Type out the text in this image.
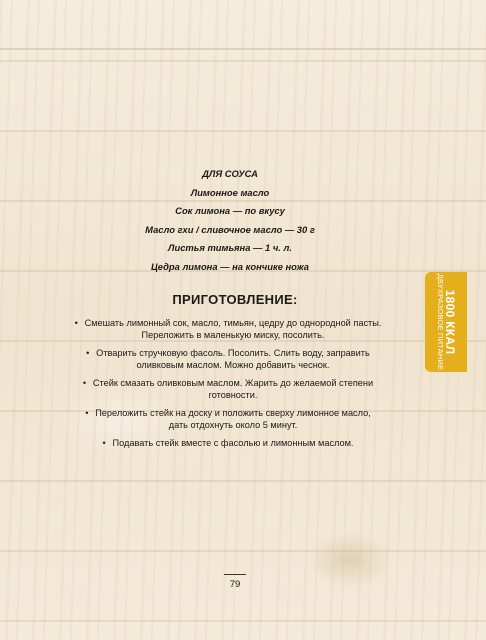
ДЛЯ СОУСА

Лимонное масло

Сок лимона — по вкусу

Масло гхи / сливочное масло — 30 г

Листья тимьяна — 1 ч. л.

Цедра лимона — на кончике ножа

ПРИГОТОВЛЕНИЕ:
• Смешать лимонный сок, масло, тимьян, цедру до однородной пасты.
Переложить в маленькую миску, посолить.
• Отварить стручковую фасоль. Посолить. Слить воду, заправить
оливковым маслом. Можно добавить чеснок.
• Стейк смазать оливковым маслом. Жарить до желаемой степени
готовности.
• Переложить стейк на доску и положить сверху лимонное масло,
дать отдохнуть около 5 минут.
• Подавать стейк вместе с фасолью и лимонным маслом.
79
1800 ККАЛ
ДВУХРАЗОВОЕ ПИТАНИЕ
